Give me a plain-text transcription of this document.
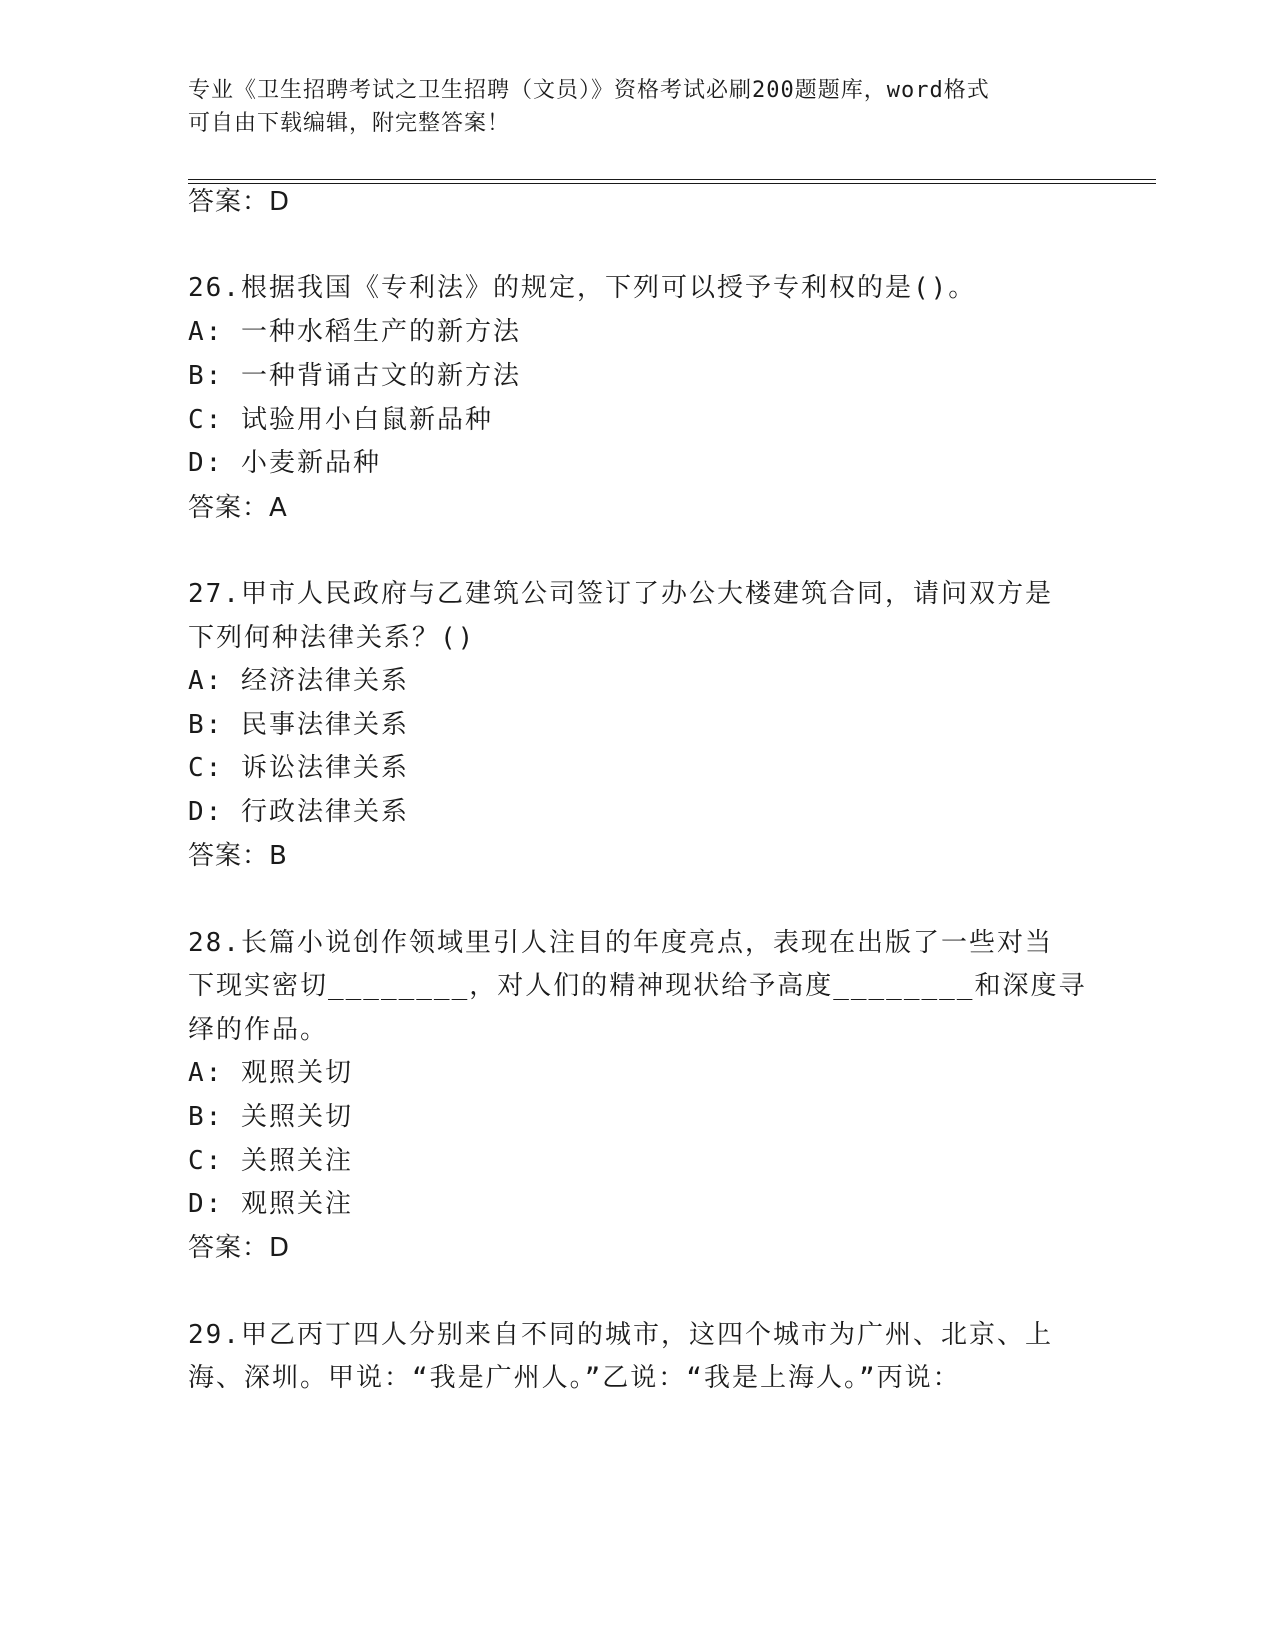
专业《卫生招聘考试之卫生招聘（文员）》资格考试必刷200题题库，word格式
可自由下载编辑，附完整答案！
答案：D
26.根据我国《专利法》的规定，下列可以授予专利权的是()。
A: 一种水稻生产的新方法
B: 一种背诵古文的新方法
C: 试验用小白鼠新品种
D: 小麦新品种
答案：A
27.甲市人民政府与乙建筑公司签订了办公大楼建筑合同，请问双方是
下列何种法律关系？()
A: 经济法律关系
B: 民事法律关系
C: 诉讼法律关系
D: 行政法律关系
答案：B
28.长篇小说创作领域里引人注目的年度亮点，表现在出版了一些对当
下现实密切________，对人们的精神现状给予高度________和深度寻
绎的作品。
A: 观照关切
B: 关照关切
C: 关照关注
D: 观照关注
答案：D
29.甲乙丙丁四人分别来自不同的城市，这四个城市为广州、北京、上
海、深圳。甲说：“我是广州人。”乙说：“我是上海人。”丙说：
